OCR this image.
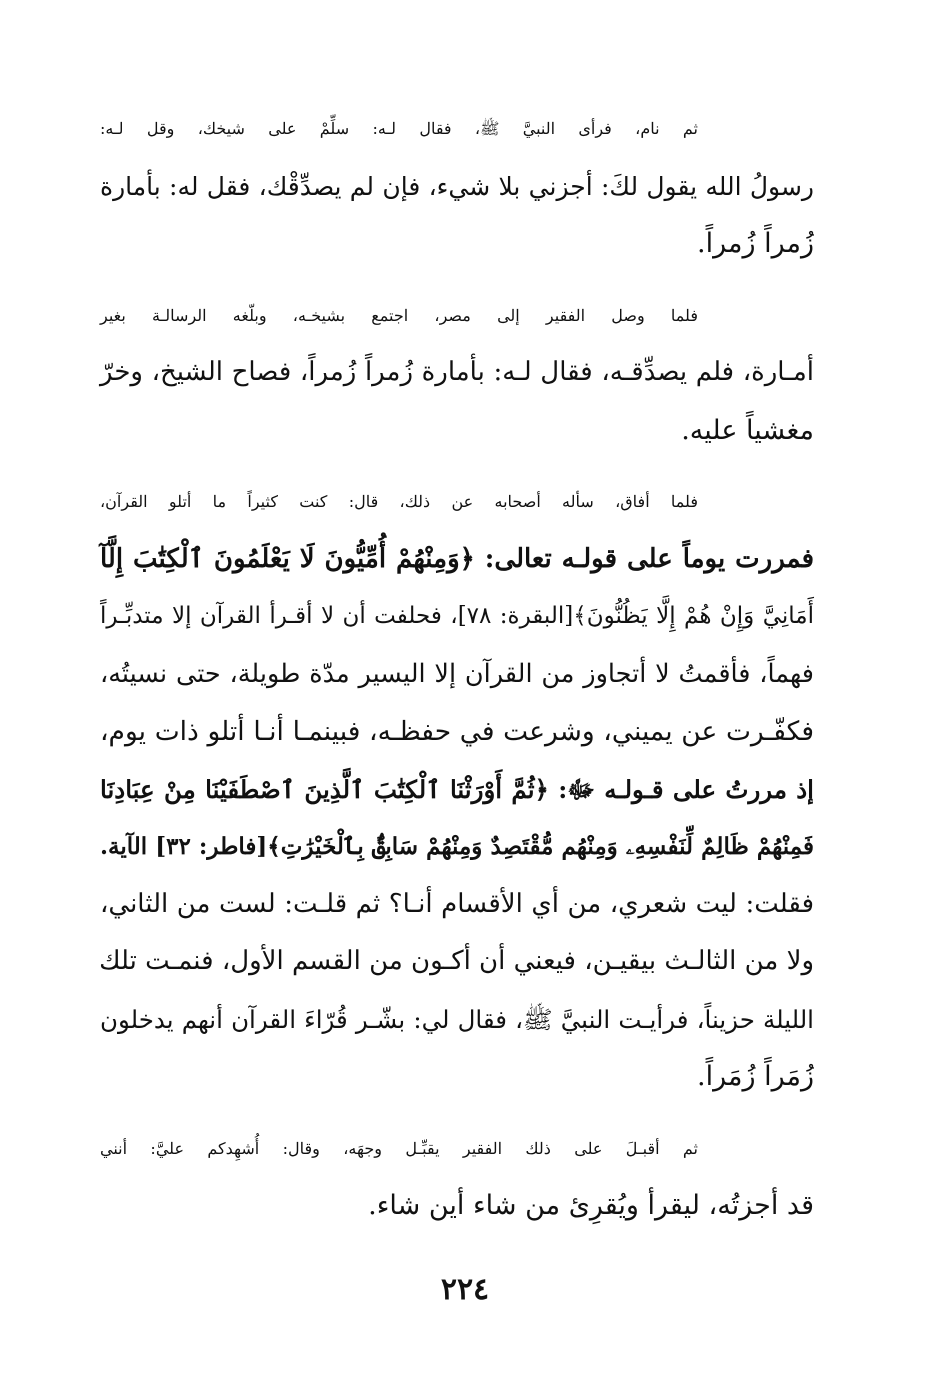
ثم نام، فرأى النبيَّ ﷺ، فقال لـه: سلِّمْ على شيخك، وقل لـه:
رسولُ الله يقول لكَ: أجزني بلا شيء، فإن لم يصدِّقْك، فقل له: بأمارة
زُمراً زُمراً.
فلما وصل الفقير إلى مصر، اجتمع بشيخـه، وبلّغه الرسالـة بغير
أمـارة، فلم يصدِّقـه، فقال لـه: بأمارة زُمراً زُمراً، فصاح الشيخ، وخرّ
مغشياً عليه.
فلما أفاق، سأله أصحابه عن ذلك، قال: كنت كثيراً ما أتلو القرآن،
فمررت يوماً على قولـه تعالى: ﴿وَمِنْهُمْ أُمِّيُّونَ لَا يَعْلَمُونَ ٱلْكِتَٰبَ إِلَّآ
أَمَانِيَّ وَإِنْ هُمْ إِلَّا يَظُنُّونَ﴾[البقرة: ٧٨]، فحلفت أن لا أقـرأ القرآن إلا متدبِّـراً
فهماً، فأقمتُ لا أتجاوز من القرآن إلا اليسير مدّة طويلة، حتى نسيتُه،
فكفّـرت عن يميني، وشرعت في حفظـه، فبينمـا أنـا أتلو ذات يوم،
إذ مررتُ على قـولـه ﷻ: ﴿ثُمَّ أَوْرَثْنَا ٱلْكِتَٰبَ ٱلَّذِينَ ٱصْطَفَيْنَا مِنْ عِبَادِنَا
فَمِنْهُمْ ظَالِمٌ لِّنَفْسِهِۦ وَمِنْهُم مُّقْتَصِدٌ وَمِنْهُمْ سَابِقٌۢ بِٱلْخَيْرَٰتِ﴾[فاطر: ٣٢] الآية.
فقلت: ليت شعري، من أي الأقسام أنـا؟ ثم قلـت: لست من الثاني،
ولا من الثالـث بيقيـن، فيعني أن أكـون من القسم الأول، فنمـت تلك
الليلة حزيناً، فرأيـت النبيَّ ﷺ، فقال لي: بشّـر قُرّاءَ القرآن أنهم يدخلون
زُمَراً زُمَراً.
ثم أقبـلَ على ذلك الفقير يقبِّـل وجهَه، وقال: أُشهِدكم عليَّ: أنني
قد أجزتُه، ليقرأ ويُقرِئ من شاء أين شاء.
٢٢٤
